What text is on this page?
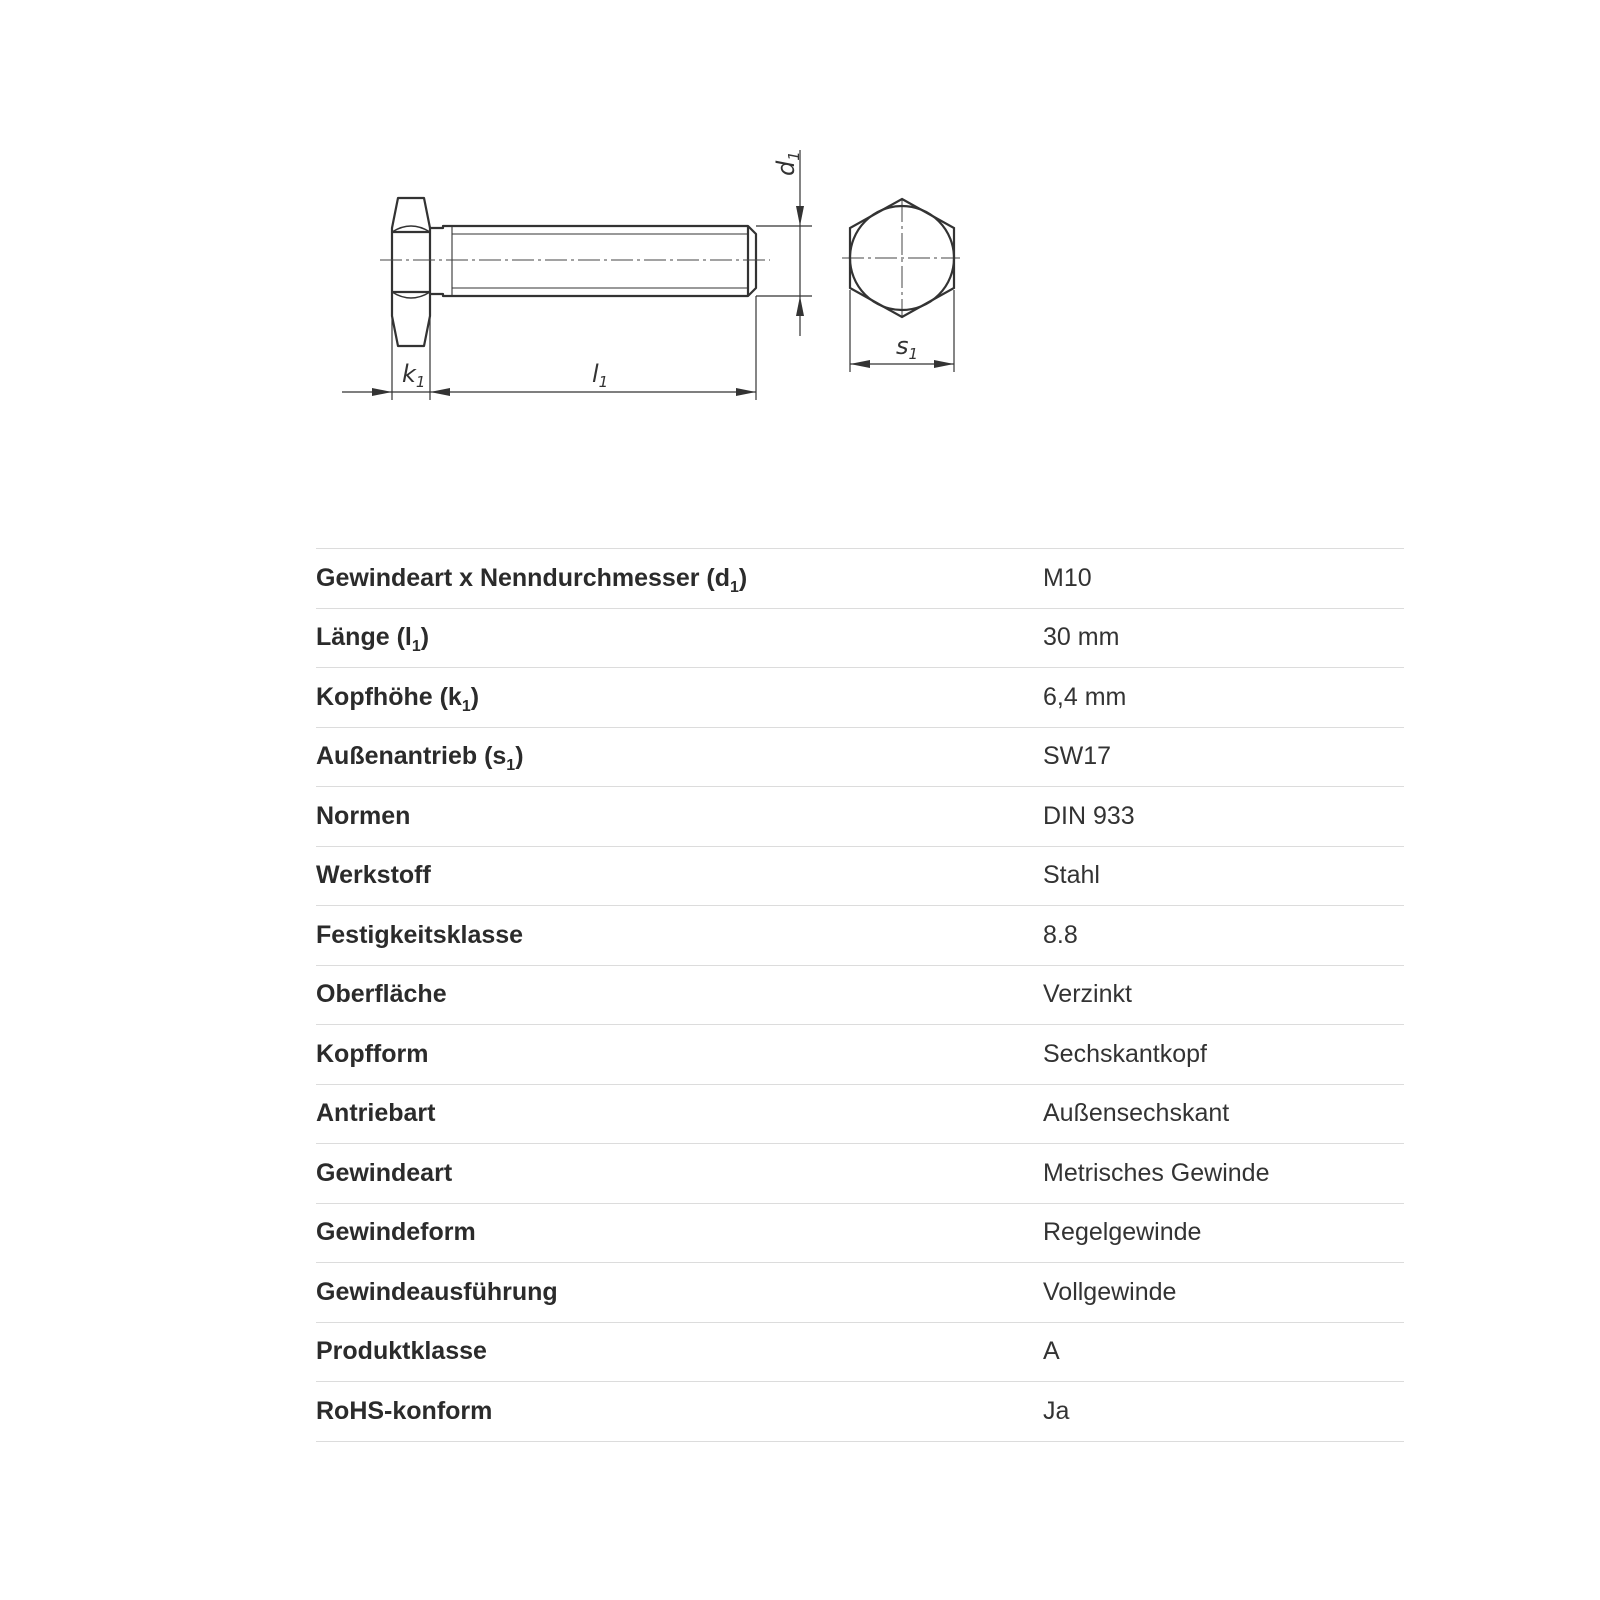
$k_1$	$l_1$
$s_1$
$d_1$
Gewindeart x Nenndurchmesser $(d_1)$	M10
Länge $(l_1)$	30 mm
Kopfhöhe $(k_1)$	6,4 mm
Außenantrieb $(s_1)$	SW17
Normen	DIN 933
Werkstoff	Stahl
Festigkeitsklasse	8.8
Oberfläche	Verzinkt
Kopfform	Sechskantkopf
Antriebart	Außensechskant
Gewindeart	Metrisches Gewinde
Gewindeform	Regelgewinde
Gewindeausführung	Vollgewinde
Produktklasse	A
RoHS-konform	Ja
